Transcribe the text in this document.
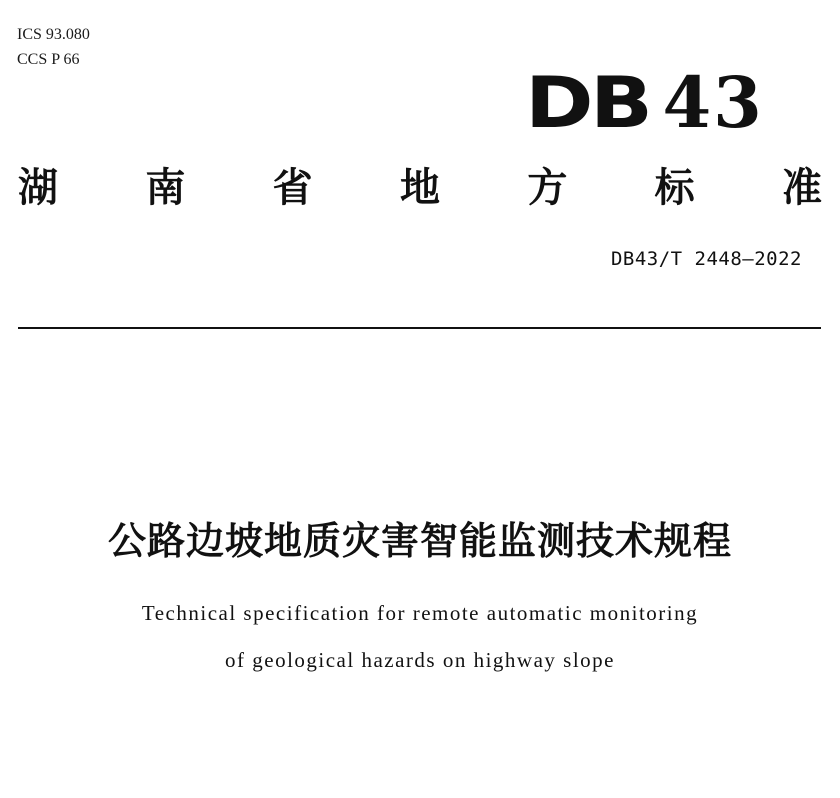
ICS 93.080
CCS P 66
DB 43
湖 南 省 地 方 标 准
DB43/T 2448—2022
公路边坡地质灾害智能监测技术规程
Technical specification for remote automatic monitoring
of geological hazards on highway slope
